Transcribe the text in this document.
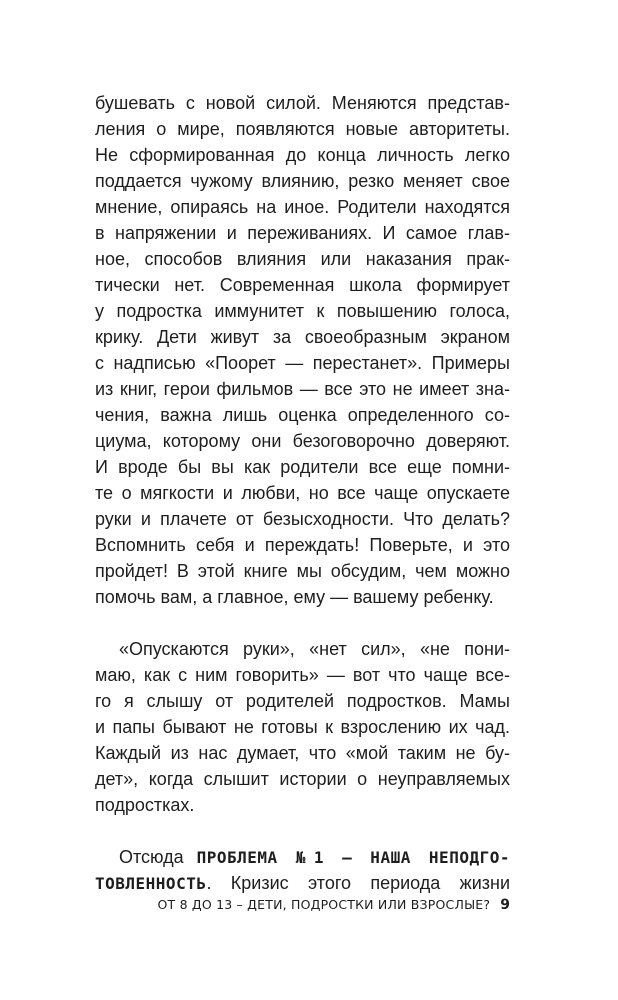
бушевать с новой силой. Меняются представ-
ления о мире, появляются новые авторитеты.
Не сформированная до конца личность легко
поддается чужому влиянию, резко меняет свое
мнение, опираясь на иное. Родители находятся
в напряжении и переживаниях. И самое глав-
ное, способов влияния или наказания прак-
тически нет. Современная школа формирует
у подростка иммунитет к повышению голоса,
крику. Дети живут за своеобразным экраном
с надписью «Поорет — перестанет». Примеры
из книг, герои фильмов — все это не имеет зна-
чения, важна лишь оценка определенного со-
циума, которому они безоговорочно доверяют.
И вроде бы вы как родители все еще помни-
те о мягкости и любви, но все чаще опускаете
руки и плачете от безысходности. Что делать?
Вспомнить себя и переждать! Поверьте, и это
пройдет! В этой книге мы обсудим, чем можно
помочь вам, а главное, ему — вашему ребенку.
«Опускаются руки», «нет сил», «не пони-
маю, как с ним говорить» — вот что чаще все-
го я слышу от родителей подростков. Мамы
и папы бывают не готовы к взрослению их чад.
Каждый из нас думает, что «мой таким не бу-
дет», когда слышит истории о неуправляемых
подростках.
Отсюда ПРОБЛЕМА №1 — НАША НЕПОДГО-
ТОВЛЕННОСТЬ. Кризис этого периода жизни
ОТ 8 ДО 13 – ДЕТИ, ПОДРОСТКИ ИЛИ ВЗРОСЛЫЕ? 9
